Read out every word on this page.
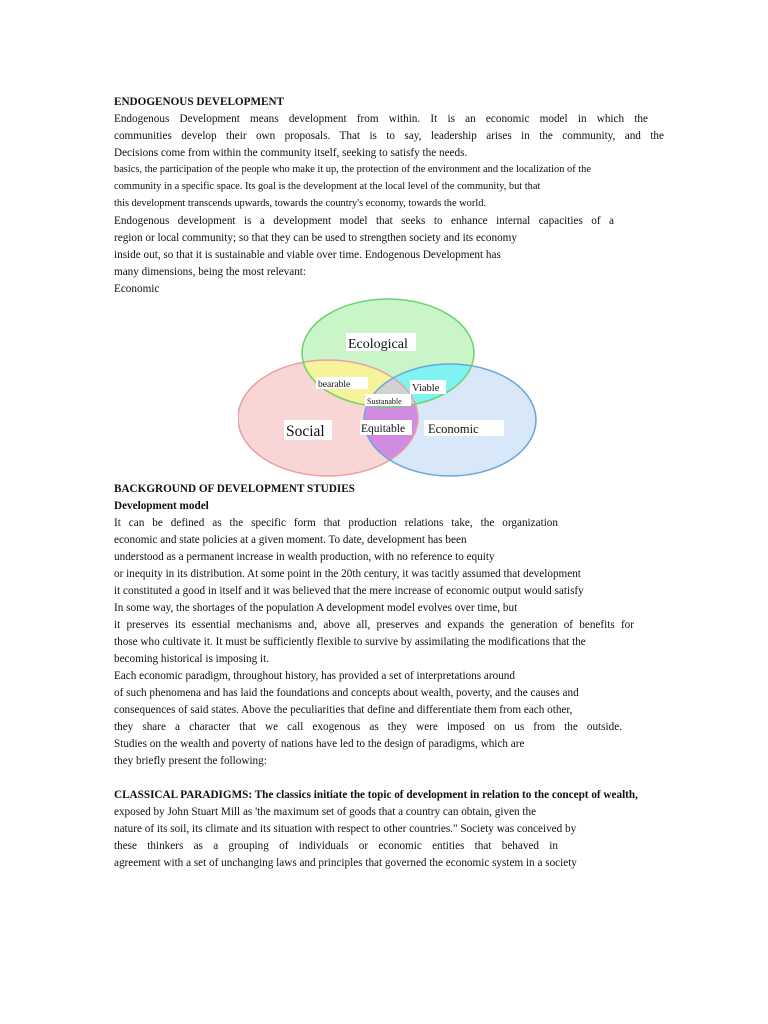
ENDOGENOUS DEVELOPMENT

Endogenous Development means development from within. It is an economic model in which the

communities develop their own proposals. That is to say, leadership arises in the community, and the

Decisions come from within the community itself, seeking to satisfy the needs.

basics, the participation of the people who make it up, the protection of the environment and the localization of the

community in a specific space. Its goal is the development at the local level of the community, but that

this development transcends upwards, towards the country's economy, towards the world.

Endogenous development is a development model that seeks to enhance internal capacities of a

region or local community; so that they can be used to strengthen society and its economy

inside out, so that it is sustainable and viable over time. Endogenous Development has

many dimensions, being the most relevant:

Economic

Ecological
bearable	Viable
Sustanable
Equitable
Social	Economic

BACKGROUND OF DEVELOPMENT STUDIES

Development model

It can be defined as the specific form that production relations take, the organization

economic and state policies at a given moment. To date, development has been

understood as a permanent increase in wealth production, with no reference to equity

or inequity in its distribution. At some point in the 20th century, it was tacitly assumed that development

it constituted a good in itself and it was believed that the mere increase of economic output would satisfy

In some way, the shortages of the population A development model evolves over time, but

it preserves its essential mechanisms and, above all, preserves and expands the generation of benefits for

those who cultivate it. It must be sufficiently flexible to survive by assimilating the modifications that the

becoming historical is imposing it.

Each economic paradigm, throughout history, has provided a set of interpretations around

of such phenomena and has laid the foundations and concepts about wealth, poverty, and the causes and

consequences of said states. Above the peculiarities that define and differentiate them from each other,

they share a character that we call exogenous as they were imposed on us from the outside.

Studies on the wealth and poverty of nations have led to the design of paradigms, which are

they briefly present the following:

CLASSICAL PARADIGMS: The classics initiate the topic of development in relation to the concept of wealth,

exposed by John Stuart Mill as 'the maximum set of goods that a country can obtain, given the

nature of its soil, its climate and its situation with respect to other countries." Society was conceived by

these thinkers as a grouping of individuals or economic entities that behaved in

agreement with a set of unchanging laws and principles that governed the economic system in a society
